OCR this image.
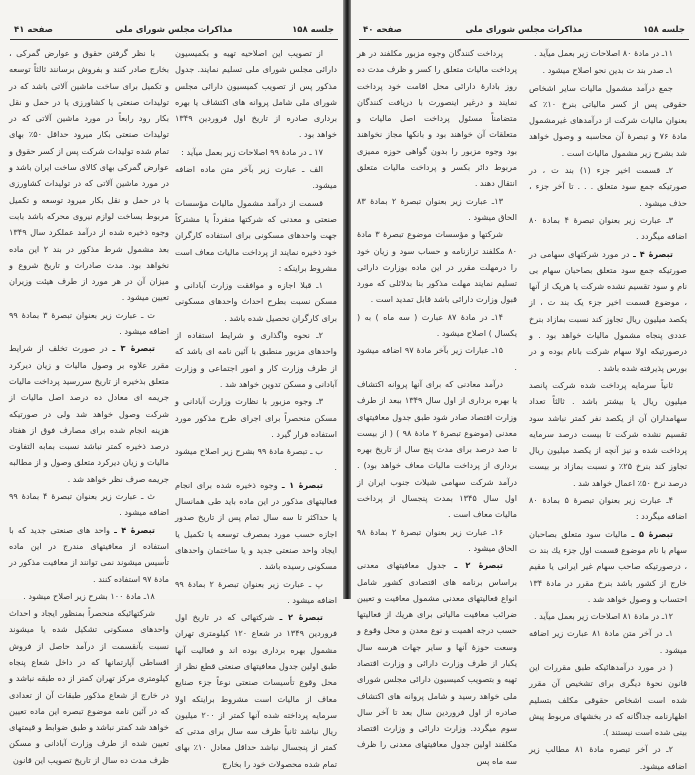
جلسه ۱۵۸
مذاکرات مجلس شورای ملی
صفحه ۴۱

از تصویب این اصلاحیه تهیه و بکمیسیون دارائی مجلس شورای ملی تسلیم نمایند. جدول مذکور پس از تصویب کمیسیون دارائی مجلس شورای ملی شامل پروانه های اکتشاف یا بهره برداری صادره از تاریخ اول فروردین ۱۳۴۹ خواهد بود .

۱۷ ـ در مادهٔ ۹۹ اصلاحات زیر بعمل میآید :

الف ـ عبارت زیر بآخر متن ماده اضافه میشود.

قسمت از درآمد مشمول مالیات مؤسسات صنعتی و معدنی که شرکتها منفرداً یا مشترکاً جهت واحدهای مسکونی برای استفاده کارگران خود ذخیره نمایند از پرداخت مالیات معاف است مشروط براینکه :

۱ـ قبلا اجازه و موافقت وزارت آبادانی و مسکن نسبت بطرح احداث واحدهای مسکونی برای کارگران تحصیل شده باشد .

۲ـ نحوه واگذاری و شرایط استفاده از واحدهای مزبور منطبق با آئین نامه ای باشد که از طرف وزارت کار و امور اجتماعی و وزارت آبادانی و مسکن تدوین خواهد شد .

۳ـ وجوه مزبور با نظارت وزارت آبادانی و مسکن منحصراً برای اجرای طرح مذکور مورد استفاده قرار گیرد .

ب ـ تبصرهٔ مادهٔ ۹۹ بشرح زیر اصلاح میشود .

تبصرهٔ ۱ ـ وجوه ذخیره شده برای انجام فعالیتهای مذکور در این ماده باید طی همانسال یا حداکثر تا سه سال تمام پس از تاریخ صدور اجازه حسب مورد بمصرف توسعه یا تکمیل یا ایجاد واحد صنعتی جدید و یا ساختمان واحدهای مسکونی رسیده باشد .

پ ـ عبارت زیر بعنوان تبصرهٔ ۲ بمادهٔ ۹۹ اضافه میشود .

تبصرهٔ ۲ ـ شرکتهائی که در تاریخ اول فروردین ۱۳۴۹ در شعاع ۱۲۰ کیلومتری تهران مشمول بهره برداری بوده اند و فعالیت آنها طبق اولین جدول معافیتهای صنعتی قطع نظر از محل وقوع تأسیسات صنعتی نوعاً جزء صنایع معاف از مالیات است مشروط براینکه اولا سرمایه پرداخته شده آنها کمتر از ۲۰۰ میلیون ریال نباشد ثانیاً ظرف سه سال برای مدتی که کمتر از پنجسال نباشد حداقل معادل ۱۰٪ بهای تمام شده محصولات خود را بخارج

با نظر گرفتن حقوق و عوارض گمرکی ، بخارج صادر کنند و بفروش برسانند ثالثاً توسعه و تکمیل برای ساخت ماشین آلاتی باشد که در تولیدات صنعتی یا کشاورزی یا در حمل و نقل بکار رود رابعاً در مورد ماشین آلاتی که در تولیدات صنعتی بکار میرود حداقل ۵۰٪ بهای تمام شده تولیدات شرکت پس از کسر حقوق و عوارض گمرکی بهای کالای ساخت ایران باشد و در مورد ماشین آلاتی که در تولیدات کشاورزی یا در حمل و نقل بکار میرود توسعه و تکمیل مربوط بساخت لوازم نیروی محرکه باشد بابت وجوه ذخیره شده از درآمد عملکرد سال ۱۳۴۹ بعد مشمول شرط مذکور در بند ۲ این ماده نخواهد بود. مدت صادرات و تاریخ شروع و میزان آن در هر مورد از طرف هیئت وزیران تعیین میشود .

ت ـ عبارت زیر بعنوان تبصرهٔ ۳ بمادهٔ ۹۹ اضافه میشود .

تبصرهٔ ۳ ـ در صورت تخلف از شرایط مقرر علاوه بر وصول مالیات و زیان دیرکرد متعلق بذخیره از تاریخ سررسید پرداخت مالیات جریمه ای معادل ده درصد اصل مالیات از شرکت وصول خواهد شد ولی در صورتیکه هزینه انجام شده برای مصارف فوق از هفتاد درصد ذخیره کمتر نباشد نسبت بمابه التفاوت مالیات و زیان دیرکرد متعلق وصول و از مطالبه جریمه صرف نظر خواهد شد .

ث ـ عبارت زیر بعنوان تبصرهٔ ۴ بمادهٔ ۹۹ اضافه میشود .

تبصرهٔ ۴ ـ واحد های صنعتی جدید که با استفاده از معافیتهای مندرج در این ماده تأسیس میشوند نمی توانند از معافیت مذکور در مادهٔ ۹۷ استفاده کنند .

۱۸ـ مادهٔ ۱۰۰ بشرح زیر اصلاح میشود .

شرکتهائیکه منحصراً بمنظور ایجاد و احداث واحدهای مسکونی تشکیل شده یا میشوند نسبت بآنقسمت از درآمد حاصل از فروش اقساطی آپارتمانها که در داخل شعاع پنجاه کیلومتری مرکز تهران کمتر از ده طبقه نباشد و در خارج از شعاع مذکور طبقات آن از تعدادی که در آئین نامه موضوع تبصره این ماده تعیین خواهد شد کمتر نباشد و طبق ضوابط و قیمتهای تعیین شده از طرف وزارت آبادانی و مسکن ظرف مدت ده سال از تاریخ تصویب این قانون

جلسه ۱۵۸
مذاکرات مجلس شورای ملی
صفحه ۴۰

۱۱ـ در مادهٔ ۸۰ اصلاحات زیر بعمل میآید .

۱ـ صدر بند ت بدین نحو اصلاح میشود .

جمع درآمد مشمول مالیات سایر اشخاص حقوقی پس از کسر مالیاتی بنرخ ۱۰٪ که بعنوان مالیات شرکت از درآمدهای غیرمشمول مادهٔ ۷۶ و تبصرهٔ آن محاسبه و وصول خواهد شد بشرح زیر مشمول مالیات است .

۲ـ قسمت اخیر جزء (۱) بند ت ، در صورتیکه جمع سود متعلق . . . تا آخر جزء ، حذف میشود .

۳ـ عبارت زیر بعنوان تبصرهٔ ۴ بمادهٔ ۸۰ اضافه میگردد .

تبصرهٔ ۴ ـ در مورد شرکتهای سهامی در صورتیکه جمع سود متعلق بصاحبان سهام بی نام و سود تقسیم نشده شرکت یا هریک از آنها ، موضوع قسمت اخیر جزء یک بند ت ، از یکصد میلیون ریال تجاوز کند نسبت بمازاد بنرخ عددی پنجاه مشمول مالیات خواهد بود . و درصورتیکه اولا سهام شرکت بانام بوده و در بورس پذیرفته شده باشد .

ثانیاً سرمایه پرداخت شده شرکت پانصد میلیون ریال یا بیشتر باشد . ثالثاً تعداد سهامداران آن از یکصد نفر کمتر نباشد سود تقسیم نشده شرکت تا بیست درصد سرمایه پرداخت شده و نیز آنچه از یکصد میلیون ریال تجاوز کند بنرخ ۲۵٪ و نسبت بمازاد بر بیست درصد نرخ ۵۰٪ اعمال خواهد شد .

۴ـ عبارت زیر بعنوان تبصرهٔ ۵ بمادهٔ ۸۰ اضافه میگردد :

تبصرهٔ ۵ ـ مالیات سود متعلق بصاحبان سهام با نام موضوع قسمت اول جزء یك بند ت ، درصورتیکه صاحب سهام غیر ایرانی یا مقیم خارج از کشور باشد بنرخ مقرر در مادهٔ ۱۳۴ احتساب و وصول خواهد شد .

۱۲ـ در مادهٔ ۸۱ اصلاحات زیر بعمل میآید .

۱ـ در آخر متن مادهٔ ۸۱ عبارت زیر اضافه میشود .

( در مورد درآمدهائیکه طبق مقررات این قانون نحوهٔ دیگری برای تشخیص آن مقرر شده است اشخاص حقوقی مکلف بتسلیم اظهارنامه جداگانه که در بخشهای مربوط پیش بینی شده است نیستند ).

۲ـ در آخر تبصره مادهٔ ۸۱ مطالب زیر اضافه میشود.

پرداخت کنندگان وجوه مزبور مکلفند در هر پرداخت مالیات متعلق را کسر و ظرف مدت ده روز بادارهٔ دارائی محل اقامت خود پرداخت نمایند و درغیر اینصورت با دریافت کنندگان متضامناً مسئول پرداخت اصل مالیات و متعلقات آن خواهند بود و بانکها مجاز نخواهند بود وجوه مزبور را بدون گواهی حوزه ممیزی مربوط دائر بکسر و پرداخت مالیات متعلق انتقال دهند .

۱۳ـ عبارت زیر بعنوان تبصرهٔ ۲ بمادهٔ ۸۳ الحاق میشود .

شرکتها و مؤسسات موضوع تبصرهٔ ۳ مادهٔ ۸۰ مکلفند ترازنامه و حساب سود و زیان خود را درمهلت مقرر در این ماده بوزارت دارائی تسلیم نمایند مهلت مذکور بنا بدلائلی که مورد قبول وزارت دارائی باشد قابل تمدید است .

۱۴ـ در مادهٔ ۸۷ عبارت ( سه ماه ) به ( یکسال ) اصلاح میشود .

۱۵ـ عبارات زیر بآخر مادهٔ ۹۷ اضافه میشود .

درآمد معادنی که برای آنها پروانه اکتشاف یا بهره برداری از اول سال ۱۳۴۹ ببعد از طرف وزارت اقتصاد صادر شود طبق جدول معافیتهای معدنی (موضوع تبصرهٔ ۲ مادهٔ ۹۸ ) ( از بیست تا صد درصد برای مدت پنج سال از تاریخ بهره برداری از پرداخت مالیات معاف خواهد بود) . درآمد شرکت سهامی شیلات جنوب ایران از اول سال ۱۳۴۵ بمدت پنجسال از پرداخت مالیات معاف است .

۱۶ـ عبارت زیر بعنوان تبصرهٔ ۲ بمادهٔ ۹۸ الحاق میشود .

تبصرهٔ ۲ ـ جدول معافیتهای معدنی براساس برنامه های اقتصادی کشور شامل انواع فعالیتهای معدنی مشمول معافیت و تعیین ضرائب معافیت مالیاتی برای هریك از فعالیتها حسب درجه اهمیت و نوع معدن و محل وقوع و وسعت حوزهٔ آنها و سایر جهات هرسه سال یکبار از طرف وزارت دارائی و وزارت اقتصاد تهیه و بتصویب کمیسیون دارائی مجلس شورای ملی خواهد رسید و شامل پروانه های اکتشاف صادره از اول فروردین سال بعد تا آخر سال سوم میگردد. وزارت دارائی و وزارت اقتصاد مکلفند اولین جدول معافیتهای معدنی را ظرف سه ماه پس
